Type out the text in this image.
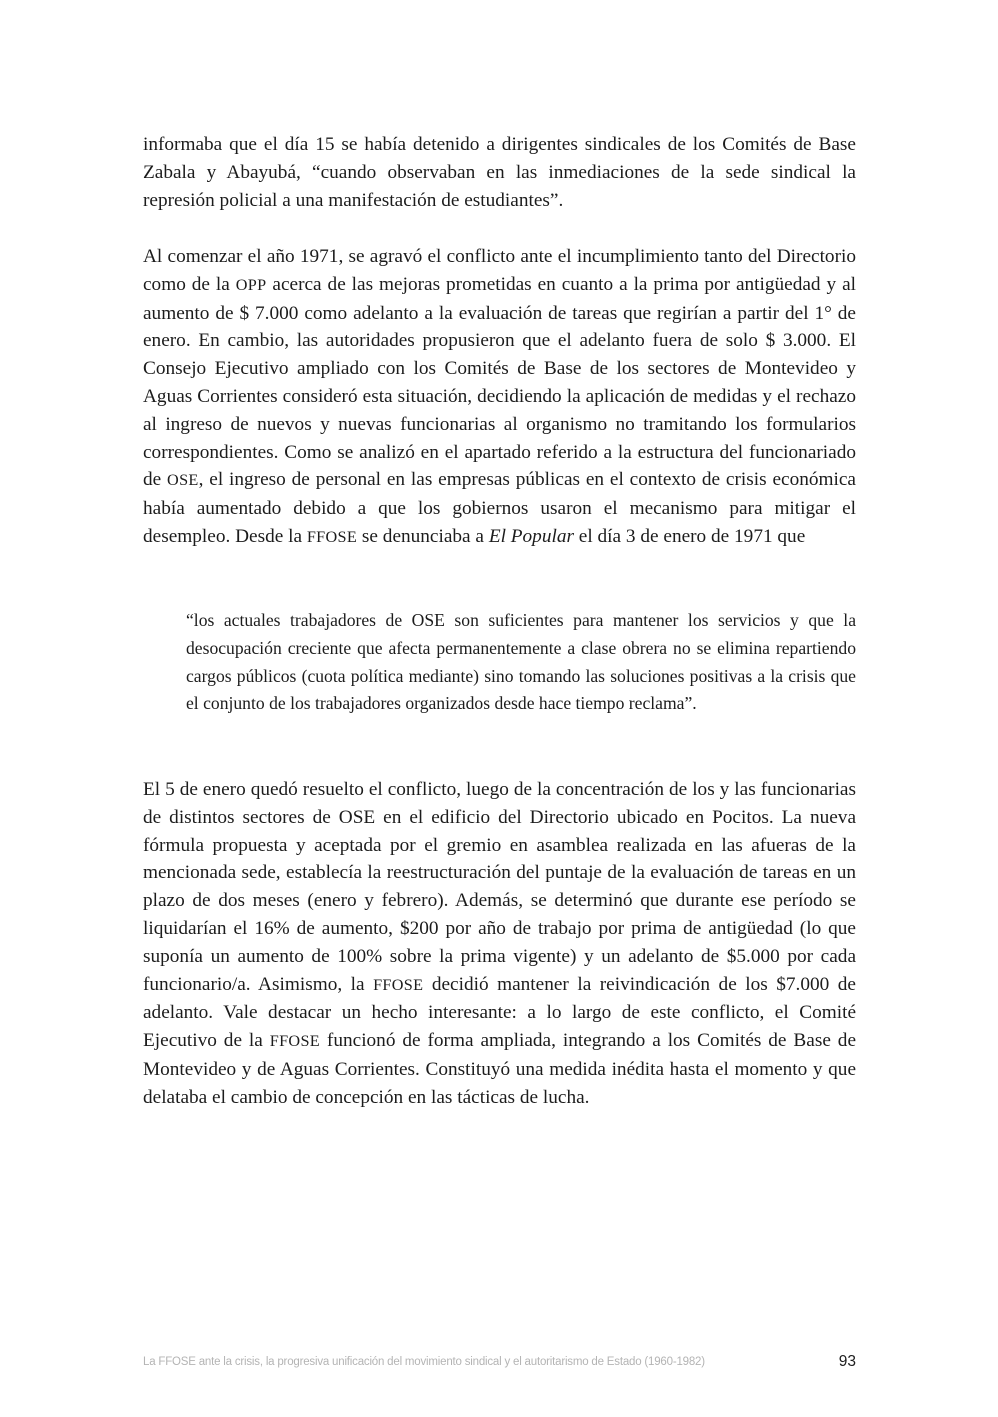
informaba que el día 15 se había detenido a dirigentes sindicales de los Comités de Base Zabala y Abayubá, “cuando observaban en las inmediaciones de la sede sindical la represión policial a una manifestación de estudiantes”.

Al comenzar el año 1971, se agravó el conflicto ante el incumplimiento tanto del Directorio como de la OPP acerca de las mejoras prometidas en cuanto a la prima por antigüedad y al aumento de $ 7.000 como adelanto a la evaluación de tareas que regirían a partir del 1° de enero. En cambio, las autoridades propusieron que el adelanto fuera de solo $ 3.000. El Consejo Ejecutivo ampliado con los Comités de Base de los sectores de Montevideo y Aguas Corrientes consideró esta situación, decidiendo la aplicación de medidas y el rechazo al ingreso de nuevos y nuevas funcionarias al organismo no tramitando los formularios correspondientes. Como se analizó en el apartado referido a la estructura del funcionariado de OSE, el ingreso de personal en las empresas públicas en el contexto de crisis económica había aumentado debido a que los gobiernos usaron el mecanismo para mitigar el desempleo. Desde la FFOSE se denunciaba a El Popular el día 3 de enero de 1971 que

“los actuales trabajadores de OSE son suficientes para mantener los servicios y que la desocupación creciente que afecta permanentemente a clase obrera no se elimina repartiendo cargos públicos (cuota política mediante) sino tomando las soluciones positivas a la crisis que el conjunto de los trabajadores organizados desde hace tiempo reclama”.

El 5 de enero quedó resuelto el conflicto, luego de la concentración de los y las funcionarias de distintos sectores de OSE en el edificio del Directorio ubicado en Pocitos. La nueva fórmula propuesta y aceptada por el gremio en asamblea realizada en las afueras de la mencionada sede, establecía la reestructuración del puntaje de la evaluación de tareas en un plazo de dos meses (enero y febrero). Además, se determinó que durante ese período se liquidarían el 16% de aumento, $200 por año de trabajo por prima de antigüedad (lo que suponía un aumento de 100% sobre la prima vigente) y un adelanto de $5.000 por cada funcionario/a. Asimismo, la FFOSE decidió mantener la reivindicación de los $7.000 de adelanto. Vale destacar un hecho interesante: a lo largo de este conflicto, el Comité Ejecutivo de la FFOSE funcionó de forma ampliada, integrando a los Comités de Base de Montevideo y de Aguas Corrientes. Constituyó una medida inédita hasta el momento y que delataba el cambio de concepción en las tácticas de lucha.

La FFOSE ante la crisis, la progresiva unificación del movimiento sindical y el autoritarismo de Estado (1960-1982)	93
